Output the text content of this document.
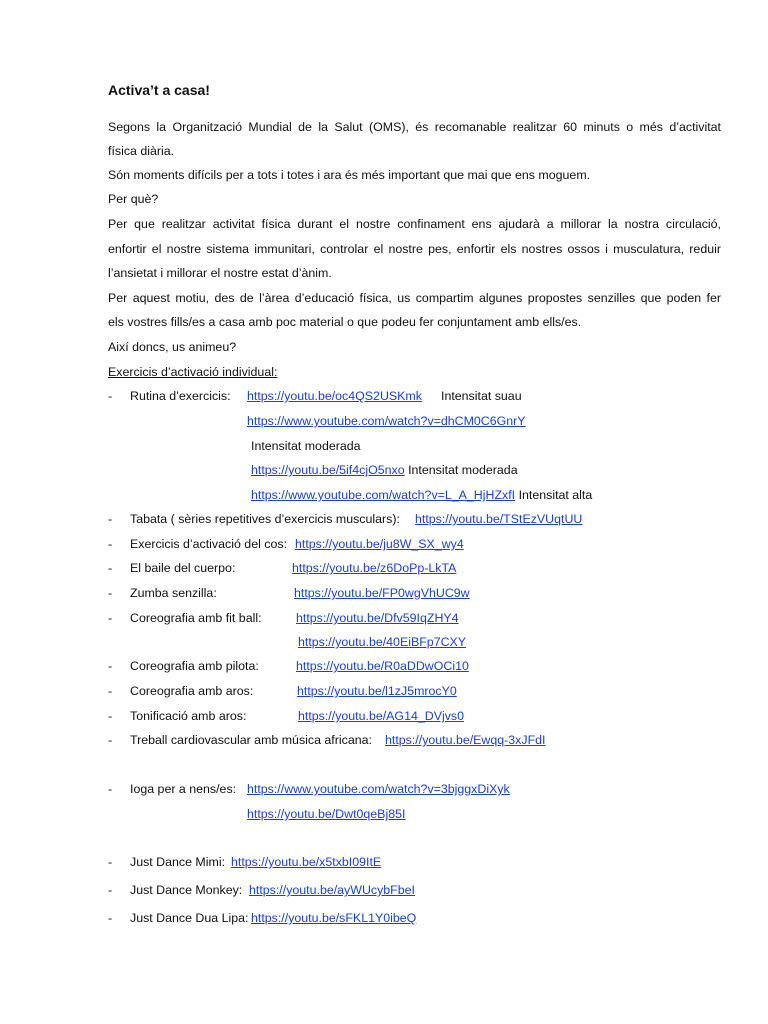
Activa’t a casa!
Segons la Organització Mundial de la Salut (OMS), és recomanable realitzar 60 minuts o més d’activitat
física diària.
Són moments difícils per a tots i totes i ara és més important que mai que ens moguem.
Per què?
Per que realitzar activitat física durant el nostre confinament ens ajudarà a millorar la nostra circulació,
enfortir el nostre sistema immunitari, controlar el nostre pes, enfortir els nostres ossos i musculatura, reduir
l’ansietat i millorar el nostre estat d’ànim.
Per aquest motiu, des de l’àrea d’educació física, us compartim algunes propostes senzilles que poden fer
els vostres fills/es a casa amb poc material o que podeu fer conjuntament amb ells/es.
Així doncs, us animeu?
Exercicis d’activació individual:
- Rutina d’exercicis: https://youtu.be/oc4QS2USKmk Intensitat suau
https://www.youtube.com/watch?v=dhCM0C6GnrY
Intensitat moderada
https://youtu.be/5if4cjO5nxo Intensitat moderada
https://www.youtube.com/watch?v=L_A_HjHZxfI Intensitat alta
- Tabata ( sèries repetitives d’exercicis musculars): https://youtu.be/TStEzVUqtUU
- Exercicis d’activació del cos: https://youtu.be/ju8W_SX_wy4
- El baile del cuerpo:	https://youtu.be/z6DoPp-LkTA
- Zumba senzilla:	https://youtu.be/FP0wgVhUC9w
- Coreografia amb fit ball:	https://youtu.be/Dfv59IqZHY4
https://youtu.be/40EiBFp7CXY
- Coreografia amb pilota:	https://youtu.be/R0aDDwOCi10
- Coreografia amb aros:	https://youtu.be/l1zJ5mrocY0
- Tonificació amb aros:	https://youtu.be/AG14_DVjvs0
- Treball cardiovascular amb música africana: https://youtu.be/Ewqq-3xJFdI
- Ioga per a nens/es: https://www.youtube.com/watch?v=3bjggxDiXyk
https://youtu.be/Dwt0qeBj85I
- Just Dance Mimi: https://youtu.be/x5txbI09ItE
- Just Dance Monkey: https://youtu.be/ayWUcybFbeI
- Just Dance Dua Lipa: https://youtu.be/sFKL1Y0ibeQ
